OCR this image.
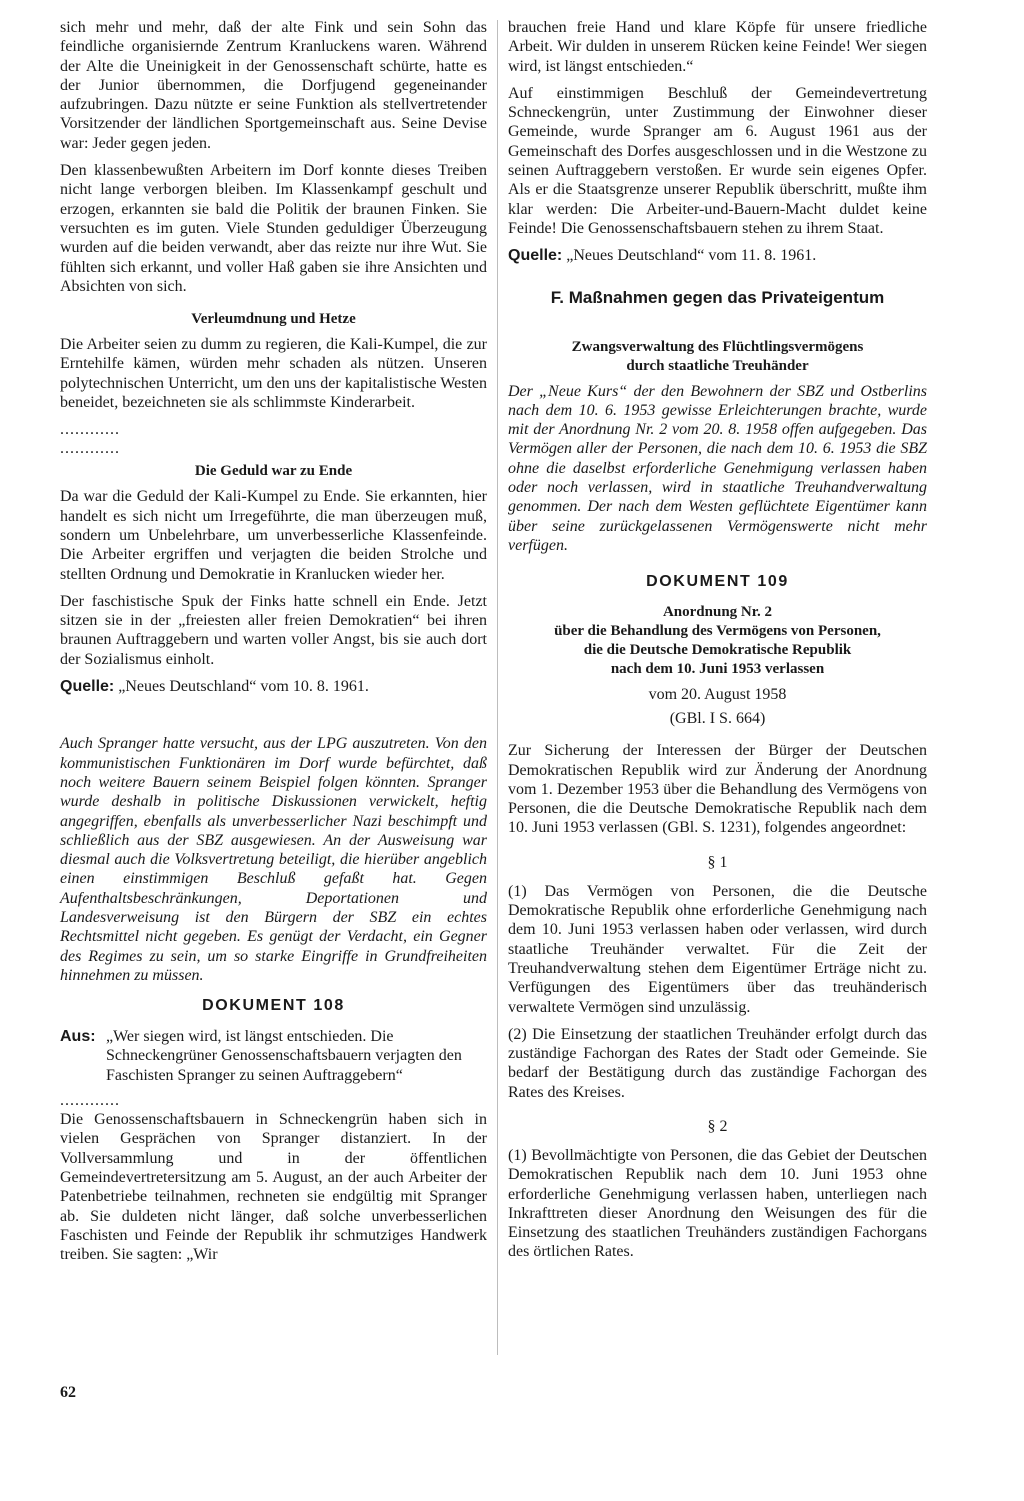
sich mehr und mehr, daß der alte Fink und sein Sohn das feindliche organisiernde Zentrum Kranluckens waren. Während der Alte die Uneinigkeit in der Genossenschaft schürte, hatte es der Junior übernommen, die Dorfjugend gegeneinander aufzubringen. Dazu nützte er seine Funktion als stellvertretender Vorsitzender der ländlichen Sportgemeinschaft aus. Seine Devise war: Jeder gegen jeden.

Den klassenbewußten Arbeitern im Dorf konnte dieses Treiben nicht lange verborgen bleiben. Im Klassenkampf geschult und erzogen, erkannten sie bald die Politik der braunen Finken. Sie versuchten es im guten. Viele Stunden geduldiger Überzeugung wurden auf die beiden verwandt, aber das reizte nur ihre Wut. Sie fühlten sich erkannt, und voller Haß gaben sie ihre Ansichten und Absichten von sich.

Verleumdnung und Hetze

Die Arbeiter seien zu dumm zu regieren, die Kali-Kumpel, die zur Erntehilfe kämen, würden mehr schaden als nützen. Unseren polytechnischen Unterricht, um den uns der kapitalistische Westen beneidet, bezeichneten sie als schlimmste Kinderarbeit.

............
............
Die Geduld war zu Ende

Da war die Geduld der Kali-Kumpel zu Ende. Sie erkannten, hier handelt es sich nicht um Irregeführte, die man überzeugen muß, sondern um Unbelehrbare, um unverbesserliche Klassenfeinde. Die Arbeiter ergriffen und verjagten die beiden Strolche und stellten Ordnung und Demokratie in Kranlucken wieder her.

Der faschistische Spuk der Finks hatte schnell ein Ende. Jetzt sitzen sie in der „freiesten aller freien Demokratien“ bei ihren braunen Auftraggebern und warten voller Angst, bis sie auch dort der Sozialismus einholt.

Quelle: „Neues Deutschland“ vom 10. 8. 1961.

Auch Spranger hatte versucht, aus der LPG auszutreten. Von den kommunistischen Funktionären im Dorf wurde befürchtet, daß noch weitere Bauern seinem Beispiel folgen könnten. Spranger wurde deshalb in politische Diskussionen verwickelt, heftig angegriffen, ebenfalls als unverbesserlicher Nazi beschimpft und schließlich aus der SBZ ausgewiesen. An der Ausweisung war diesmal auch die Volksvertretung beteiligt, die hierüber angeblich einen einstimmigen Beschluß gefaßt hat. Gegen Aufenthaltsbeschränkungen, Deportationen und Landesverweisung ist den Bürgern der SBZ ein echtes Rechtsmittel nicht gegeben. Es genügt der Verdacht, ein Gegner des Regimes zu sein, um so starke Eingriffe in Grundfreiheiten hinnehmen zu müssen.

DOKUMENT 108
Aus: „Wer siegen wird, ist längst entschieden. Die Schneckengrüner Genossenschaftsbauern verjagten den Faschisten Spranger zu seinen Auftraggebern“
............

Die Genossenschaftsbauern in Schneckengrün haben sich in vielen Gesprächen von Spranger distanziert. In der Vollversammlung und in der öffentlichen Gemeindevertretersitzung am 5. August, an der auch Arbeiter der Patenbetriebe teilnahmen, rechneten sie endgültig mit Spranger ab. Sie duldeten nicht länger, daß solche unverbesserlichen Faschisten und Feinde der Republik ihr schmutziges Handwerk treiben. Sie sagten: „Wir

brauchen freie Hand und klare Köpfe für unsere friedliche Arbeit. Wir dulden in unserem Rücken keine Feinde! Wer siegen wird, ist längst entschieden.“

Auf einstimmigen Beschluß der Gemeindevertretung Schneckengrün, unter Zustimmung der Einwohner dieser Gemeinde, wurde Spranger am 6. August 1961 aus der Gemeinschaft des Dorfes ausgeschlossen und in die Westzone zu seinen Auftraggebern verstoßen. Er wurde sein eigenes Opfer. Als er die Staatsgrenze unserer Republik überschritt, mußte ihm klar werden: Die Arbeiter-und-Bauern-Macht duldet keine Feinde! Die Genossenschaftsbauern stehen zu ihrem Staat.

Quelle: „Neues Deutschland“ vom 11. 8. 1961.

F. Maßnahmen gegen das Privateigentum
Zwangsverwaltung des Flüchtlingsvermögens
durch staatliche Treuhänder

Der „Neue Kurs“ der den Bewohnern der SBZ und Ostberlins nach dem 10. 6. 1953 gewisse Erleichterungen brachte, wurde mit der Anordnung Nr. 2 vom 20. 8. 1958 offen aufgegeben. Das Vermögen aller der Personen, die nach dem 10. 6. 1953 die SBZ ohne die daselbst erforderliche Genehmigung verlassen haben oder noch verlassen, wird in staatliche Treuhandverwaltung genommen. Der nach dem Westen geflüchtete Eigentümer kann über seine zurückgelassenen Vermögenswerte nicht mehr verfügen.

DOKUMENT 109
Anordnung Nr. 2
über die Behandlung des Vermögens von Personen,
die die Deutsche Demokratische Republik
nach dem 10. Juni 1953 verlassen
vom 20. August 1958
(GBl. I S. 664)

Zur Sicherung der Interessen der Bürger der Deutschen Demokratischen Republik wird zur Änderung der Anordnung vom 1. Dezember 1953 über die Behandlung des Vermögens von Personen, die die Deutsche Demokratische Republik nach dem 10. Juni 1953 verlassen (GBl. S. 1231), folgendes angeordnet:

§ 1

(1) Das Vermögen von Personen, die die Deutsche Demokratische Republik ohne erforderliche Genehmigung nach dem 10. Juni 1953 verlassen haben oder verlassen, wird durch staatliche Treuhänder verwaltet. Für die Zeit der Treuhandverwaltung stehen dem Eigentümer Erträge nicht zu. Verfügungen des Eigentümers über das treuhänderisch verwaltete Vermögen sind unzulässig.

(2) Die Einsetzung der staatlichen Treuhänder erfolgt durch das zuständige Fachorgan des Rates der Stadt oder Gemeinde. Sie bedarf der Bestätigung durch das zuständige Fachorgan des Rates des Kreises.

§ 2

(1) Bevollmächtigte von Personen, die das Gebiet der Deutschen Demokratischen Republik nach dem 10. Juni 1953 ohne erforderliche Genehmigung verlassen haben, unterliegen nach Inkrafttreten dieser Anordnung den Weisungen des für die Einsetzung des staatlichen Treuhänders zuständigen Fachorgans des örtlichen Rates.

62
